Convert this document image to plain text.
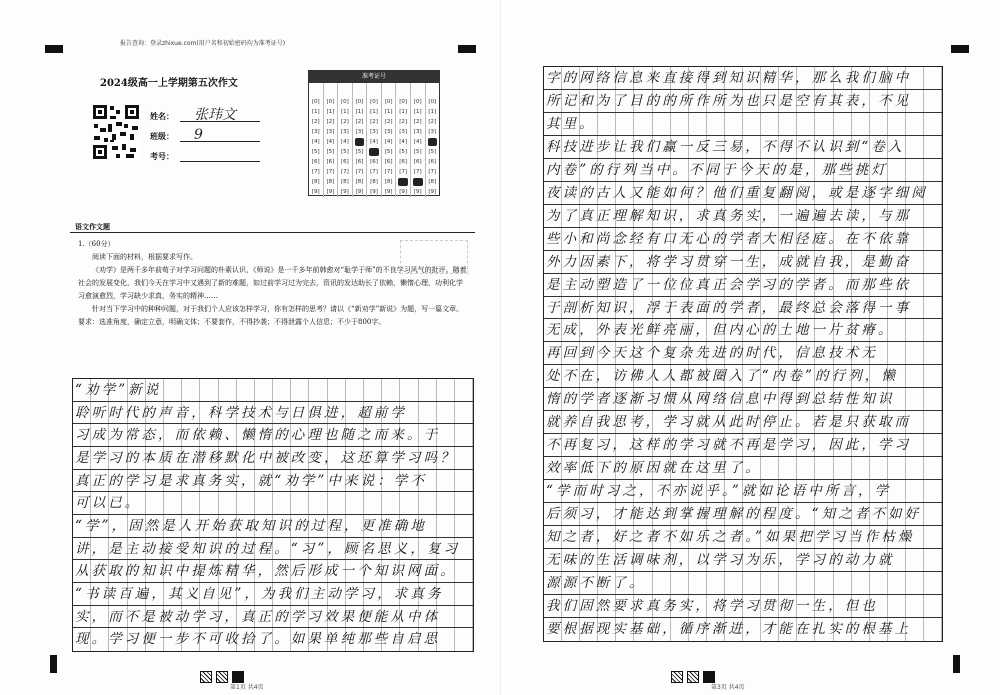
报告查询：登录zhixue.com(用户名和初始密码均为准考证号)
2024级高一上学期第五次作文
姓名：	张玮文
班级：	9
考号：
准考证号
[0]
[1]
[2]
[3]
[4]
[5]
[6]
[7]
[8]
[9]
[0]
[1]
[2]
[3]
[4]
[5]
[6]
[7]
[8]
[9]
[0]
[1]
[2]
[3]
[4]
[5]
[6]
[7]
[8]
[9]
[0]
[1]
[2]
[3]
[4]
[5]
[6]
[7]
[8]
[9]
[0]
[1]
[2]
[3]
[4]
[5]
[6]
[7]
[8]
[9]
[0]
[1]
[2]
[3]
[4]
[5]
[6]
[7]
[8]
[9]
[0]
[1]
[2]
[3]
[4]
[5]
[6]
[7]
[8]
[9]
[0]
[1]
[2]
[3]
[4]
[5]
[6]
[7]
[8]
[9]
[0]
[1]
[2]
[3]
[4]
[5]
[6]
[7]
[8]
[9]
语文作文题

1.（60分）

阅读下面的材料，根据要求写作。

《劝学》是两千多年前荀子对学习问题的朴素认识，《师说》是一千多年前韩愈对“耻学于师”的不良学习风气的批评。随着社会的发展变化，我们今天在学习中又遇到了新的难题，如过前学习过为完去，资讯的发达助长了依赖，懒惰心理，功利化学习愈演愈烈，学习缺少求真，务实的精神……

针对当下学习中的种种问题，对于我们个人应该怎样学习，你有怎样的思考？请以《“新劝学”新说》为题，写一篇文章。

要求：选准角度，确定立意，明确文体；不要套作，不得抄袭；不得泄露个人信息；不少于800字。

“劝学”新说
聆听时代的声音，科学技术与日俱进，超前学
习成为常态，而依赖、懒惰的心理也随之而来。于
是学习的本质在潜移默化中被改变，这还算学习吗？
真正的学习是求真务实，就“劝学”中来说：学不
可以已。
“学”，固然是人开始获取知识的过程，更准确地
讲，是主动接受知识的过程。“习”，顾名思义，复习
从获取的知识中提炼精华，然后形成一个知识网面。
“书读百遍，其义自见”，为我们主动学习，求真务
实，而不是被动学习，真正的学习效果便能从中体
现。学习便一步不可收拾了。如果单纯那些自启思
第1页 共4页
字的网络信息来直接得到知识精华，那么我们脑中
所记和为了目的的所作所为也只是空有其表，不见
其里。
科技进步让我们赢一反三易，不得不认识到“卷入
内卷”的行列当中。不同于今天的是，那些挑灯
夜读的古人又能如何？他们重复翻阅，或是逐字细阅
为了真正理解知识，求真务实，一遍遍去读，与那
些小和尚念经有口无心的学者大相径庭。在不依靠
外力因素下，将学习贯穿一生，成就自我，是勤奋
是主动塑造了一位位真正会学习的学者。而那些依
于剖析知识，浮于表面的学者，最终总会落得一事
无成，外表光鲜亮丽，但内心的土地一片贫瘠。
再回到今天这个复杂先进的时代，信息技术无
处不在，访佛人人都被圈入了“内卷”的行列，懒
惰的学者逐渐习惯从网络信息中得到总结性知识
就养自我思考，学习就从此时停止。若是只获取而
不再复习，这样的学习就不再是学习，因此，学习
效率低下的原因就在这里了。
“学而时习之，不亦说乎。”就如论语中所言，学
后须习，才能达到掌握理解的程度。“知之者不如好
知之者，好之者不如乐之者。”如果把学习当作枯燥
无味的生活调味剂，以学习为乐，学习的动力就
源源不断了。
我们固然要求真务实，将学习贯彻一生，但也
要根据现实基础，循序渐进，才能在扎实的根基上
第3页 共4页
